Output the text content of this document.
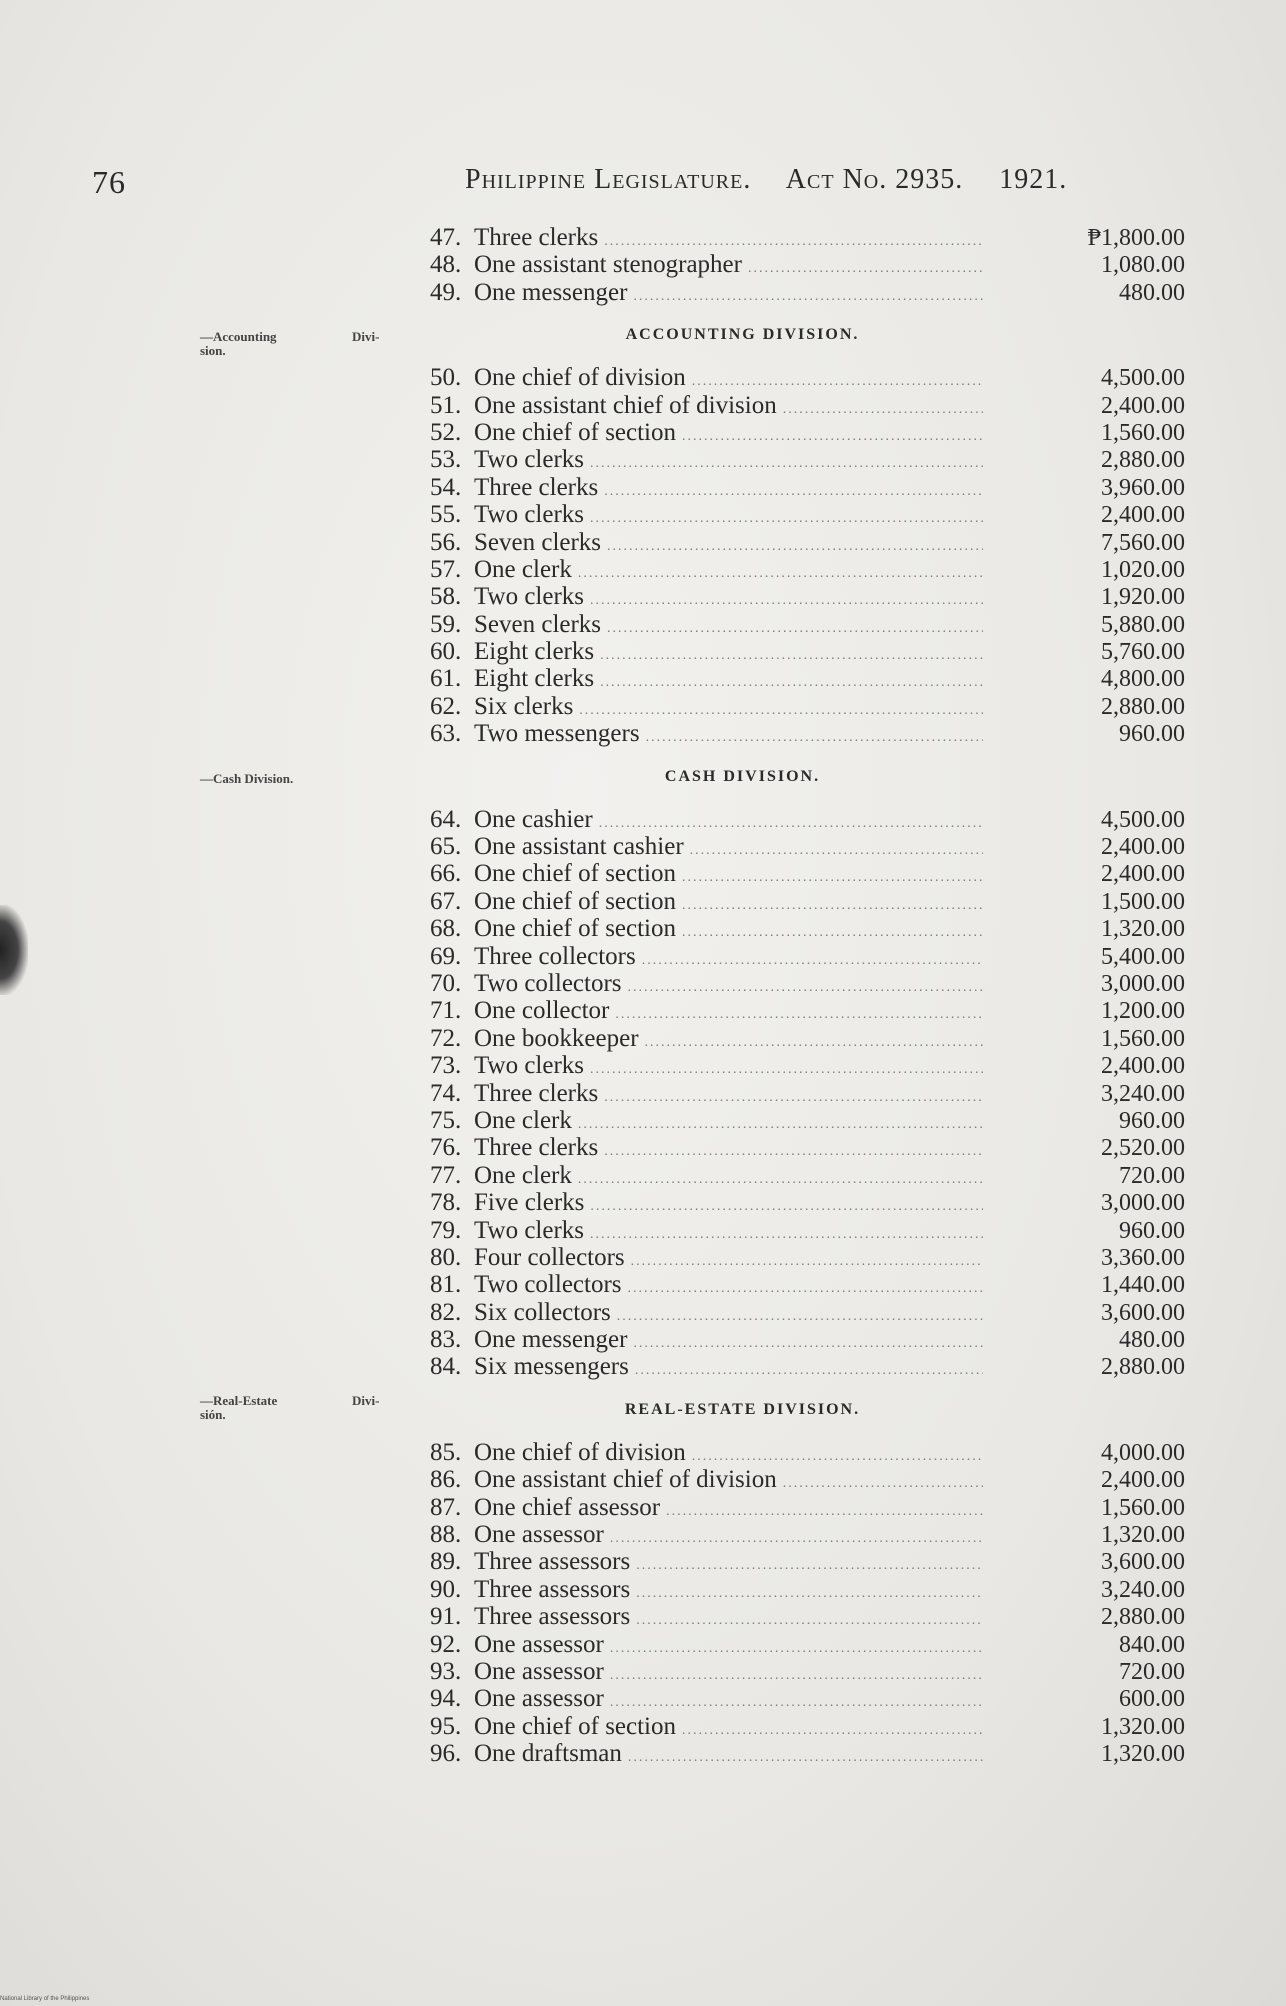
76	Philippine Legislature. Act No. 2935. 1921.
—Accounting	Divi-
sion.
—Cash Division.
—Real-Estate	Divi-
sión.
47. Three clerks .....	₱1,800.00
48. One assistant stenographer .....	1,080.00
49. One messenger .....	480.00
ACCOUNTING DIVISION.
50. One chief of division .....	4,500.00
51. One assistant chief of division .....	2,400.00
52. One chief of section .....	1,560.00
53. Two clerks .....	2,880.00
54. Three clerks .....	3,960.00
55. Two clerks .....	2,400.00
56. Seven clerks .....	7,560.00
57. One clerk .....	1,020.00
58. Two clerks .....	1,920.00
59. Seven clerks .....	5,880.00
60. Eight clerks .....	5,760.00
61. Eight clerks .....	4,800.00
62. Six clerks .....	2,880.00
63. Two messengers .....	960.00
CASH DIVISION.
64. One cashier .....	4,500.00
65. One assistant cashier .....	2,400.00
66. One chief of section .....	2,400.00
67. One chief of section .....	1,500.00
68. One chief of section .....	1,320.00
69. Three collectors .....	5,400.00
70. Two collectors .....	3,000.00
71. One collector .....	1,200.00
72. One bookkeeper .....	1,560.00
73. Two clerks .....	2,400.00
74. Three clerks .....	3,240.00
75. One clerk .....	960.00
76. Three clerks .....	2,520.00
77. One clerk .....	720.00
78. Five clerks .....	3,000.00
79. Two clerks .....	960.00
80. Four collectors .....	3,360.00
81. Two collectors .....	1,440.00
82. Six collectors .....	3,600.00
83. One messenger .....	480.00
84. Six messengers .....	2,880.00
REAL-ESTATE DIVISION.
85. One chief of division .....	4,000.00
86. One assistant chief of division .....	2,400.00
87. One chief assessor .....	1,560.00
88. One assessor .....	1,320.00
89. Three assessors .....	3,600.00
90. Three assessors .....	3,240.00
91. Three assessors .....	2,880.00
92. One assessor .....	840.00
93. One assessor .....	720.00
94. One assessor .....	600.00
95. One chief of section .....	1,320.00
96. One draftsman .....	1,320.00
National Library of the Philippines
